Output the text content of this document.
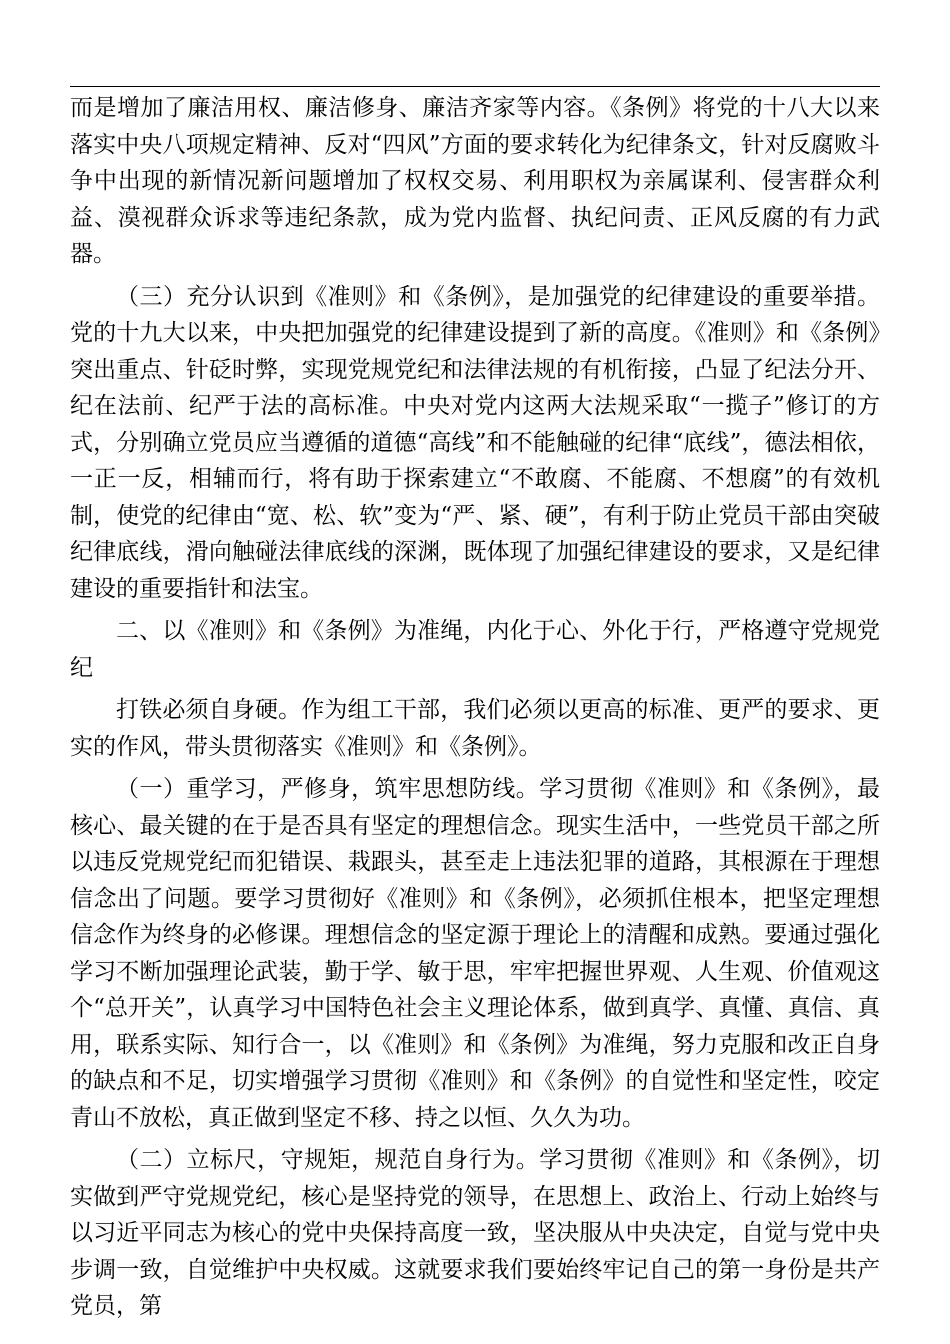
而是增加了廉洁用权、廉洁修身、廉洁齐家等内容。《条例》将党的十八大以来落实中央八项规定精神、反对“四风”方面的要求转化为纪律条文，针对反腐败斗争中出现的新情况新问题增加了权权交易、利用职权为亲属谋利、侵害群众利益、漠视群众诉求等违纪条款，成为党内监督、执纪问责、正风反腐的有力武器。

（三）充分认识到《准则》和《条例》，是加强党的纪律建设的重要举措。党的十九大以来，中央把加强党的纪律建设提到了新的高度。《准则》和《条例》突出重点、针砭时弊，实现党规党纪和法律法规的有机衔接，凸显了纪法分开、纪在法前、纪严于法的高标准。中央对党内这两大法规采取“一揽子”修订的方式，分别确立党员应当遵循的道德“高线”和不能触碰的纪律“底线”，德法相依，一正一反，相辅而行，将有助于探索建立“不敢腐、不能腐、不想腐”的有效机制，使党的纪律由“宽、松、软”变为“严、紧、硬”，有利于防止党员干部由突破纪律底线，滑向触碰法律底线的深渊，既体现了加强纪律建设的要求，又是纪律建设的重要指针和法宝。

二、以《准则》和《条例》为准绳，内化于心、外化于行，严格遵守党规党纪

打铁必须自身硬。作为组工干部，我们必须以更高的标准、更严的要求、更实的作风，带头贯彻落实《准则》和《条例》。

（一）重学习，严修身，筑牢思想防线。学习贯彻《准则》和《条例》，最核心、最关键的在于是否具有坚定的理想信念。现实生活中，一些党员干部之所以违反党规党纪而犯错误、栽跟头，甚至走上违法犯罪的道路，其根源在于理想信念出了问题。要学习贯彻好《准则》和《条例》，必须抓住根本，把坚定理想信念作为终身的必修课。理想信念的坚定源于理论上的清醒和成熟。要通过强化学习不断加强理论武装，勤于学、敏于思，牢牢把握世界观、人生观、价值观这个“总开关”，认真学习中国特色社会主义理论体系，做到真学、真懂、真信、真用，联系实际、知行合一，以《准则》和《条例》为准绳，努力克服和改正自身的缺点和不足，切实增强学习贯彻《准则》和《条例》的自觉性和坚定性，咬定青山不放松，真正做到坚定不移、持之以恒、久久为功。

（二）立标尺，守规矩，规范自身行为。学习贯彻《准则》和《条例》，切实做到严守党规党纪，核心是坚持党的领导，在思想上、政治上、行动上始终与以习近平同志为核心的党中央保持高度一致，坚决服从中央决定，自觉与党中央步调一致，自觉维护中央权威。这就要求我们要始终牢记自己的第一身份是共产党员，第
